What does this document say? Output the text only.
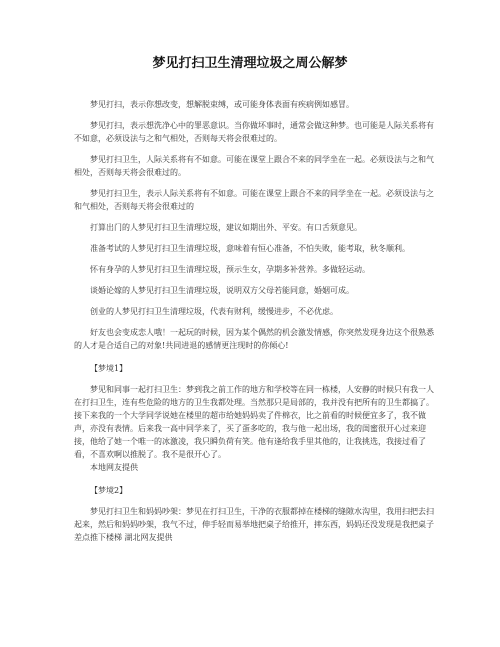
梦见打扫卫生清理垃圾之周公解梦

梦见打扫，表示你想改变，想解脱束缚，或可能身体表面有疾病例如感冒。

梦见打扫，表示想洗净心中的罪恶意识。当你做坏事时，通常会做这种梦。也可能是人际关系将有不如意，必须设法与之和气相处，否则每天将会很难过的。

梦见打扫卫生，人际关系将有不如意。可能在课堂上跟合不来的同学坐在一起。必须设法与之和气相处，否则每天将会很难过的。

梦见打扫卫生，表示人际关系将有不如意。可能在课堂上跟合不来的同学坐在一起。必须设法与之和气相处，否则每天将会很难过的

打算出门的人梦见打扫卫生清理垃圾，建议如期出外、平安。有口舌须意见。

准备考试的人梦见打扫卫生清理垃圾，意味着有恒心准备，不怕失败，能考取，秋冬顺利。

怀有身孕的人梦见打扫卫生清理垃圾，预示生女，孕期多补营养。多做轻运动。

谈婚论嫁的人梦见打扫卫生清理垃圾，说明双方父母若能同意，婚姻可成。

创业的人梦见打扫卫生清理垃圾，代表有财利，缓慢进步，不必优虑。

好友也会变成恋人哦！一起玩的时候，因为某个偶然的机会激发情感，你突然发现身边这个很熟悉的人才是合适自己的对象!共同进退的感情更注现时的你倾心!

【梦境1】

梦见和同事一起打扫卫生：梦到我之前工作的地方和学校等在同一栋楼，人安静的时候只有我一人在打扫卫生，连有些危险的地方的卫生我都处理。当然那只是局部的，我并没有把所有的卫生都搞了。接下来我的一个大学同学说她在楼里的超市给她妈妈卖了件棉衣，比之前看的时候便宜多了，我不做声，亦没有表情。后来我一高中同学来了，买了蛋多吃的，我与他一起出场，我的闺蜜很开心过来迎接，他给了她一个唯一的冰激凌，我只瞬负荷有笑。他有逢给我手里其他的，让我挑选，我接过看了看，不喜欢啊以推脱了。我不是很开心了。

本地网友提供

【梦境2】

梦见打扫卫生和妈妈吵架：梦见在打扫卫生，干净的衣服都掉在楼梯的缝隙水沟里，我用扫把去扫起来，然后和妈妈吵架，我气不过，伸手轻而易举地把桌子给推开，摔东西，妈妈还没发现是我把桌子差点推下楼梯 湖北网友提供
